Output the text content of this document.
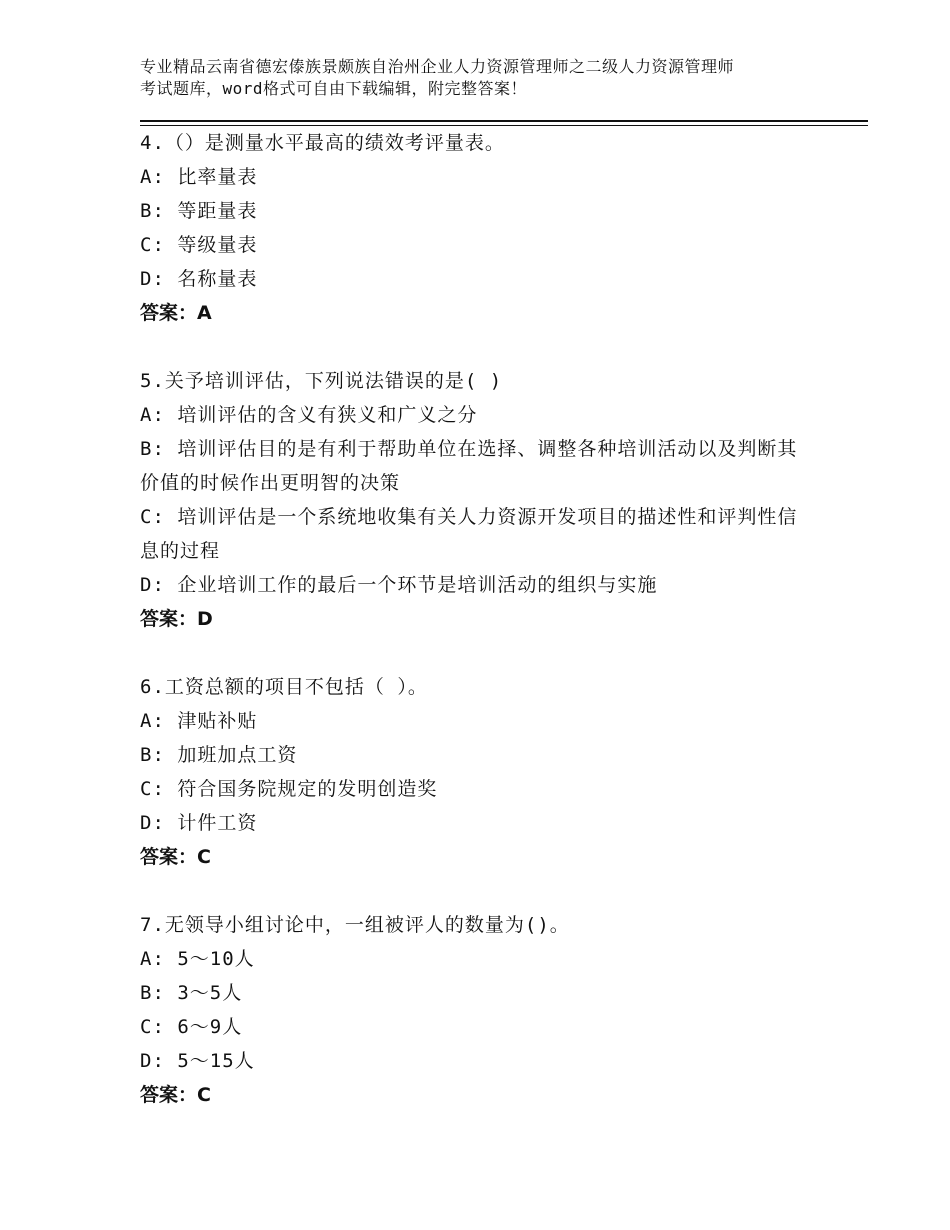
专业精品云南省德宏傣族景颇族自治州企业人力资源管理师之二级人力资源管理师
考试题库，word格式可自由下载编辑，附完整答案！
4.（）是测量水平最高的绩效考评量表。
A: 比率量表
B: 等距量表
C: 等级量表
D: 名称量表
答案：A
5.关予培训评估，下列说法错误的是( )
A: 培训评估的含义有狭义和广义之分
B: 培训评估目的是有利于帮助单位在选择、调整各种培训活动以及判断其价值的时候作出更明智的决策
C: 培训评估是一个系统地收集有关人力资源开发项目的描述性和评判性信息的过程
D: 企业培训工作的最后一个环节是培训活动的组织与实施
答案：D
6.工资总额的项目不包括（ ）。
A: 津贴补贴
B: 加班加点工资
C: 符合国务院规定的发明创造奖
D: 计件工资
答案：C
7.无领导小组讨论中，一组被评人的数量为()。
A: 5～10人
B: 3～5人
C: 6～9人
D: 5～15人
答案：C
